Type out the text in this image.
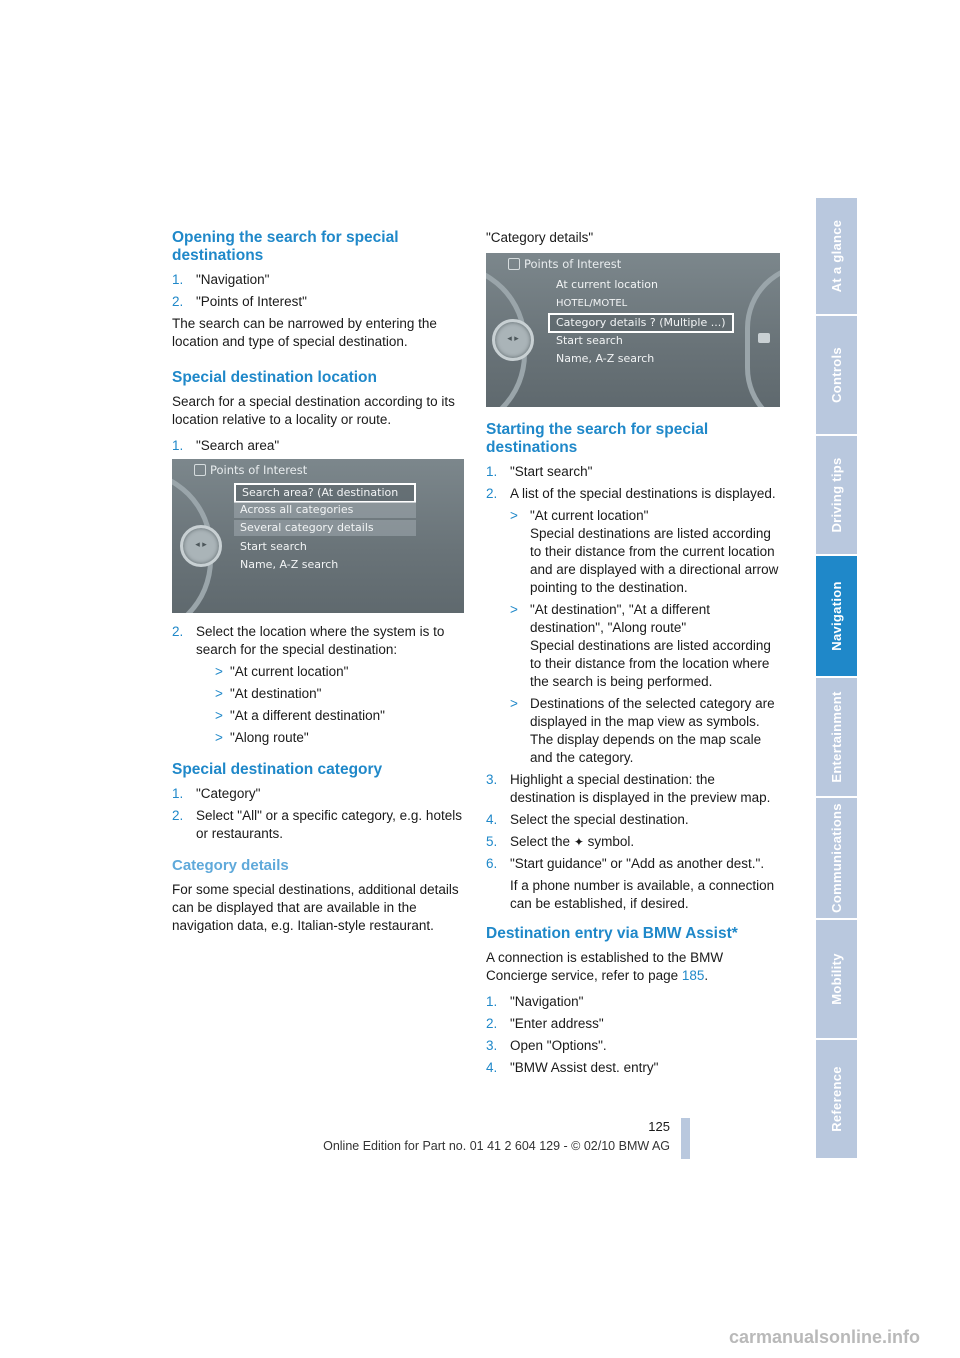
Opening the search for special destinations
1. "Navigation"
2. "Points of Interest"

The search can be narrowed by entering the location and type of special destination.

Special destination location

Search for a special destination according to its location relative to a locality or route.

1. "Search area"
Points of Interest
◂ ▸
Search area? (At destination
Across all categories
Several category details
Start search
Name, A-Z search
2. Select the location where the system is to search for the special destination:
> "At current location"
> "At destination"
> "At a different destination"
> "Along route"
Special destination category
1. "Category"
2. Select "All" or a specific category, e.g. hotels or restaurants.
Category details

For some special destinations, additional details can be displayed that are available in the navigation data, e.g. Italian-style restaurant.

"Category details"

Points of Interest
◂ ▸
At current location
HOTEL/MOTEL
Category details ? (Multiple ...)
Start search
Name, A-Z search
Starting the search for special destinations
1. "Start search"
2. A list of the special destinations is displayed.
> "At current location"
Special destinations are listed according to their distance from the current location and are displayed with a directional arrow pointing to the destination.
> "At destination", "At a different destination", "Along route"
Special destinations are listed according to their distance from the location where the search is being performed.
> Destinations of the selected category are displayed in the map view as symbols. The display depends on the map scale and the category.
3. Highlight a special destination: the destination is displayed in the preview map.
4. Select the special destination.
5. Select the ✦ symbol.
6. "Start guidance" or "Add as another dest.".

If a phone number is available, a connection can be established, if desired.

Destination entry via BMW Assist*

A connection is established to the BMW Concierge service, refer to page 185.

1. "Navigation"
2. "Enter address"
3. Open "Options".
4. "BMW Assist dest. entry"
At a glance
Controls
Driving tips
Navigation
Entertainment
Communications
Mobility
Reference
125
Online Edition for Part no. 01 41 2 604 129 - © 02/10 BMW AG
carmanualsonline.info
